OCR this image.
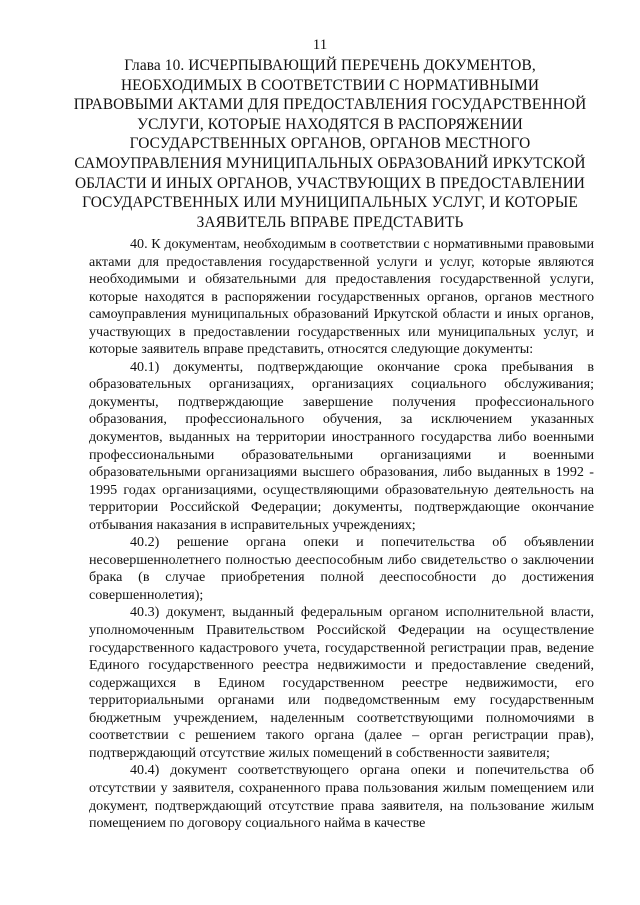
11
Глава 10. ИСЧЕРПЫВАЮЩИЙ ПЕРЕЧЕНЬ ДОКУМЕНТОВ, НЕОБХОДИМЫХ В СООТВЕТСТВИИ С НОРМАТИВНЫМИ ПРАВОВЫМИ АКТАМИ ДЛЯ ПРЕДОСТАВЛЕНИЯ ГОСУДАРСТВЕННОЙ УСЛУГИ, КОТОРЫЕ НАХОДЯТСЯ В РАСПОРЯЖЕНИИ ГОСУДАРСТВЕННЫХ ОРГАНОВ, ОРГАНОВ МЕСТНОГО САМОУПРАВЛЕНИЯ МУНИЦИПАЛЬНЫХ ОБРАЗОВАНИЙ ИРКУТСКОЙ ОБЛАСТИ И ИНЫХ ОРГАНОВ, УЧАСТВУЮЩИХ В ПРЕДОСТАВЛЕНИИ ГОСУДАРСТВЕННЫХ ИЛИ МУНИЦИПАЛЬНЫХ УСЛУГ, И КОТОРЫЕ ЗАЯВИТЕЛЬ ВПРАВЕ ПРЕДСТАВИТЬ

40. К документам, необходимым в соответствии с нормативными правовыми актами для предоставления государственной услуги и услуг, которые являются необходимыми и обязательными для предоставления государственной услуги, которые находятся в распоряжении государственных органов, органов местного самоуправления муниципальных образований Иркутской области и иных органов, участвующих в предоставлении государственных или муниципальных услуг, и которые заявитель вправе представить, относятся следующие документы:

40.1) документы, подтверждающие окончание срока пребывания в образовательных организациях, организациях социального обслуживания; документы, подтверждающие завершение получения профессионального образования, профессионального обучения, за исключением указанных документов, выданных на территории иностранного государства либо военными профессиональными образовательными организациями и военными образовательными организациями высшего образования, либо выданных в 1992 - 1995 годах организациями, осуществляющими образовательную деятельность на территории Российской Федерации; документы, подтверждающие окончание отбывания наказания в исправительных учреждениях;

40.2) решение органа опеки и попечительства об объявлении несовершеннолетнего полностью дееспособным либо свидетельство о заключении брака (в случае приобретения полной дееспособности до достижения совершеннолетия);

40.3) документ, выданный федеральным органом исполнительной власти, уполномоченным Правительством Российской Федерации на осуществление государственного кадастрового учета, государственной регистрации прав, ведение Единого государственного реестра недвижимости и предоставление сведений, содержащихся в Едином государственном реестре недвижимости, его территориальными органами или подведомственным ему государственным бюджетным учреждением, наделенным соответствующими полномочиями в соответствии с решением такого органа (далее – орган регистрации прав), подтверждающий отсутствие жилых помещений в собственности заявителя;

40.4) документ соответствующего органа опеки и попечительства об отсутствии у заявителя, сохраненного права пользования жилым помещением или документ, подтверждающий отсутствие права заявителя, на пользование жилым помещением по договору социального найма в качестве
